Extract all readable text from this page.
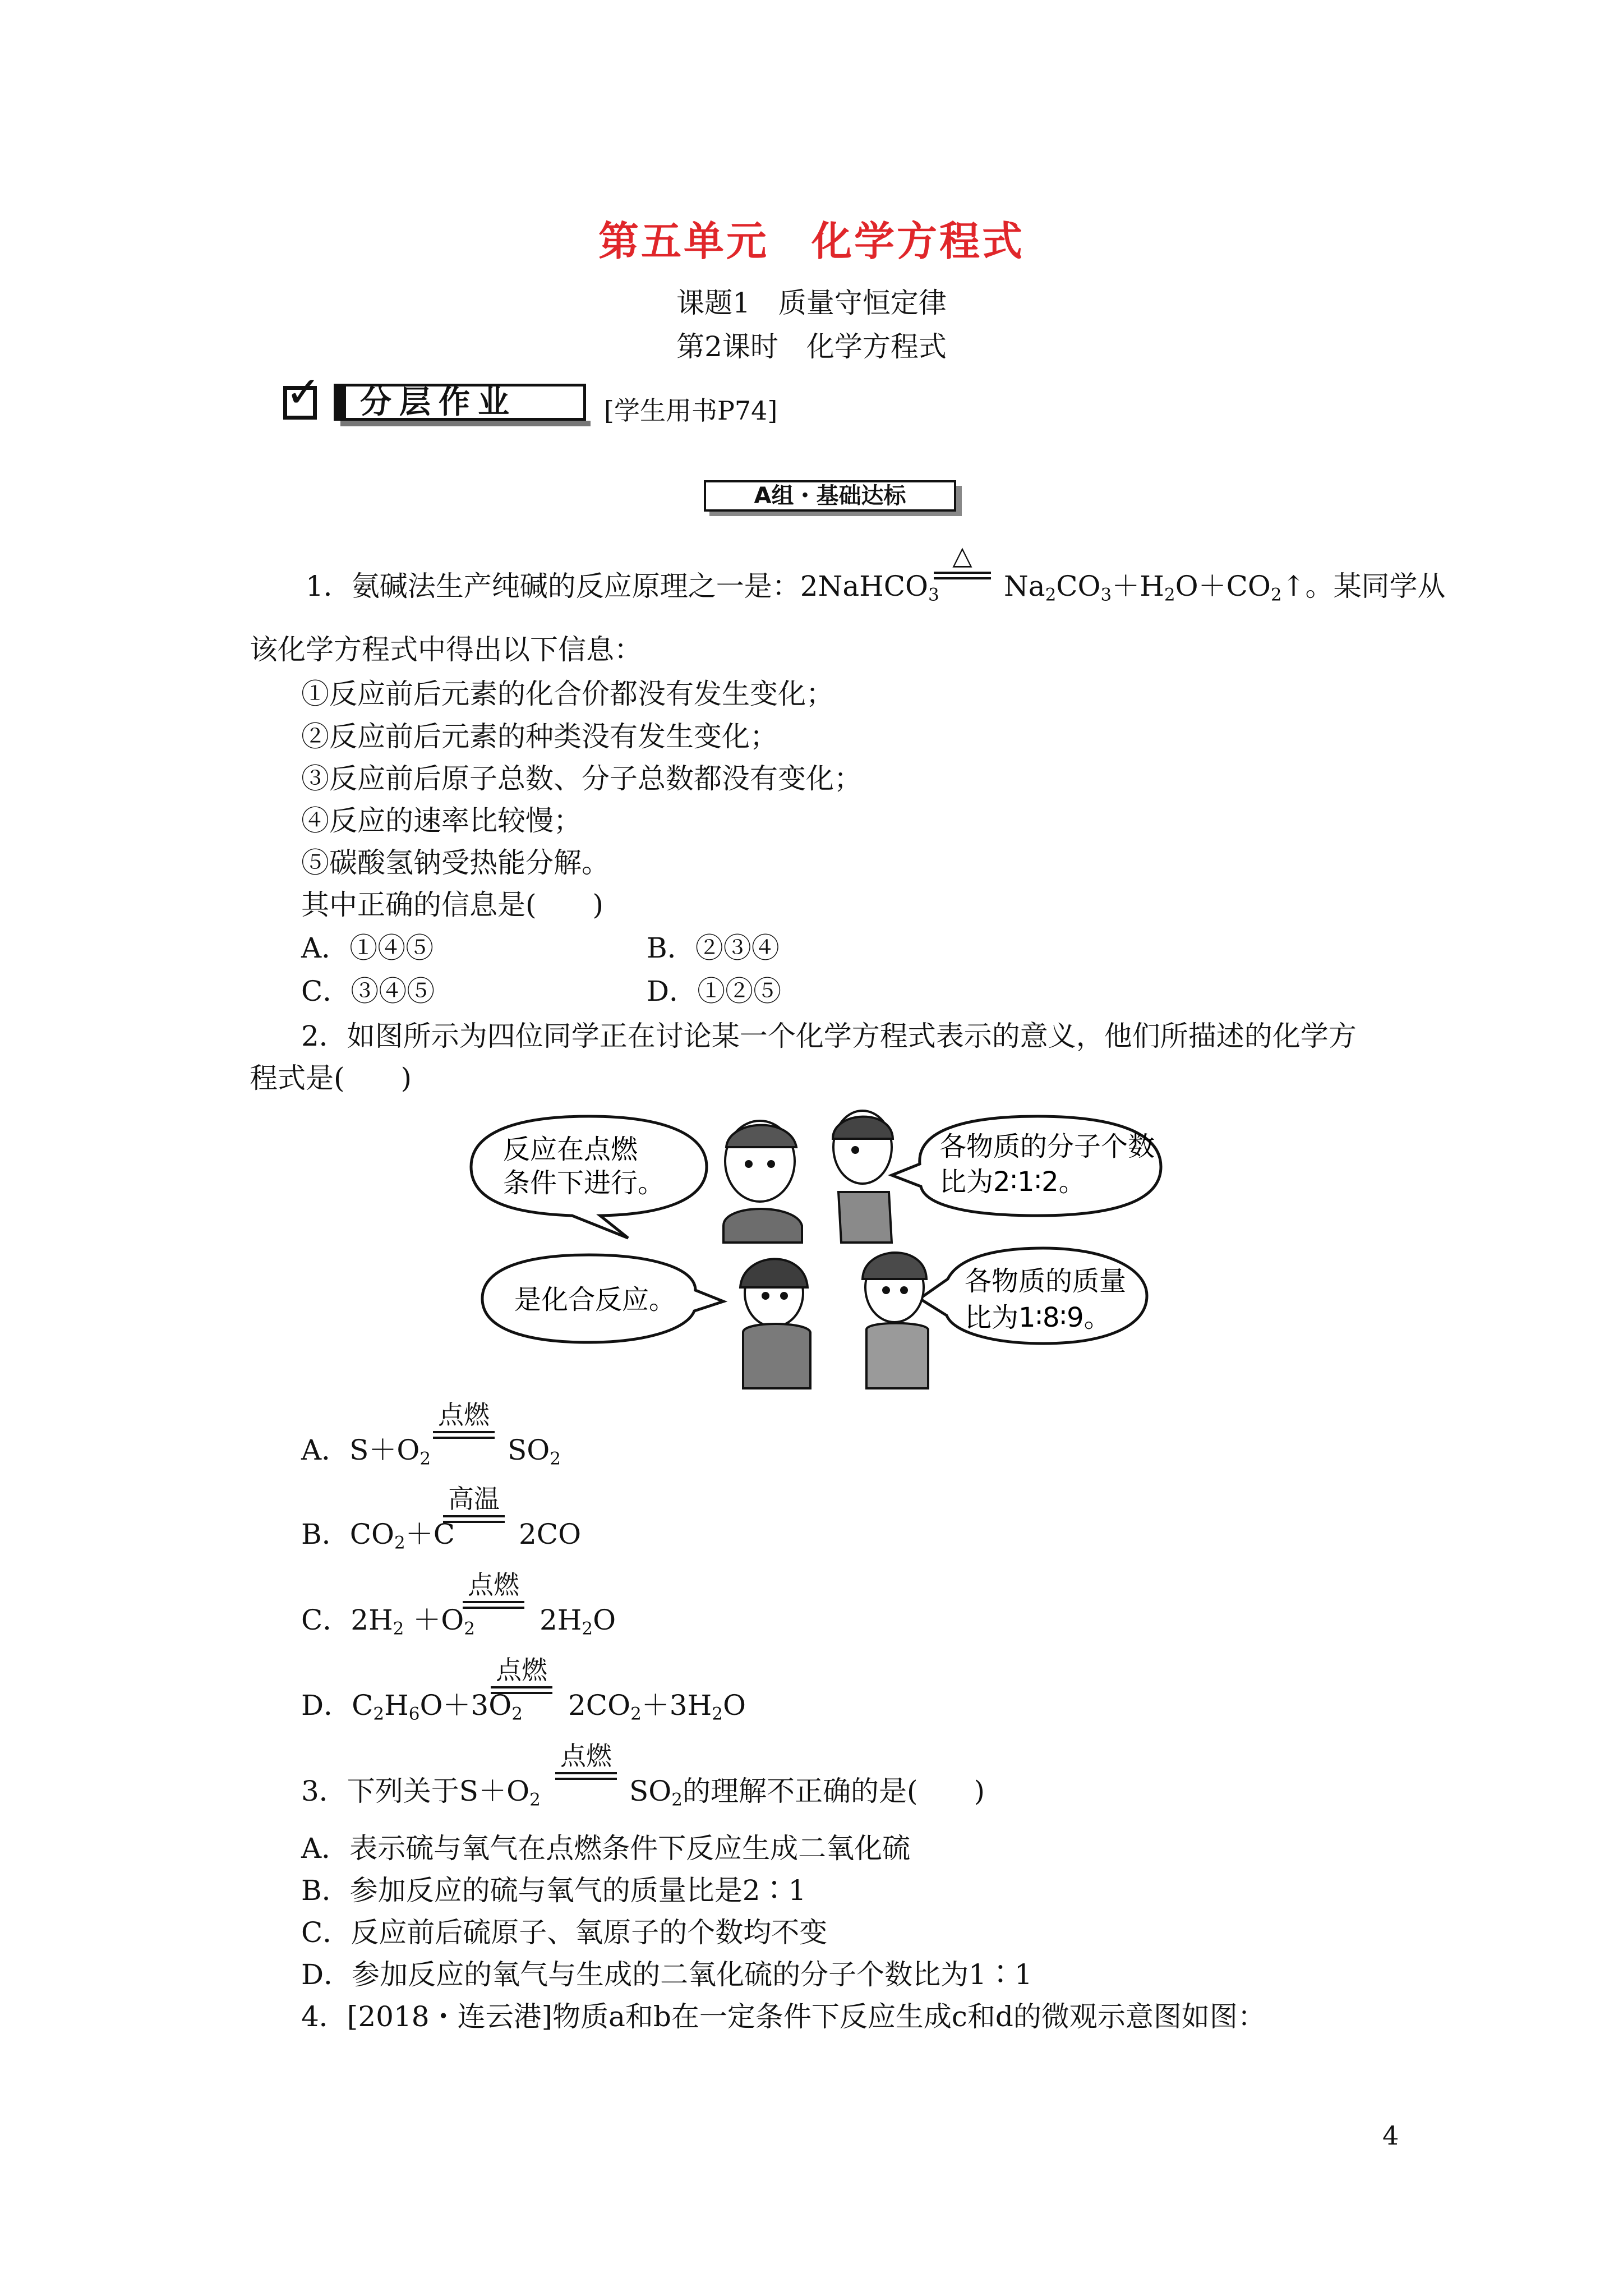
第五单元　化学方程式
课题1　质量守恒定律
第2课时　化学方程式
✓ 分层作业	[学生用书P74]
A组・基础达标
1．氨碱法生产纯碱的反应原理之一是：2NaHCO$_3$
△
$Na_2CO_3+H_2O+CO_2↑$。某同学从
该化学方程式中得出以下信息：
①反应前后元素的化合价都没有发生变化；
②反应前后元素的种类没有发生变化；
③反应前后原子总数、分子总数都没有变化；
④反应的速率比较慢；
⑤碳酸氢钠受热能分解。
其中正确的信息是(　　)
A．①④⑤	B．②③④
C．③④⑤	D．①②⑤
2．如图所示为四位同学正在讨论某一个化学方程式表示的意义，他们所描述的化学方
程式是(　　)
反应在点燃
条件下进行。
各物质的分子个数
比为2∶1∶2。
是化合反应。
各物质的质量
比为1∶8∶9。
A．$S+O_2$
点燃
$SO_2$
B．$CO_2+C$
高温
2CO
C．$2H_2 +O_2$
点燃
$2H_2O$
D．$C_2H_6O+3O_2$
点燃
$2CO_2+3H_2O$
3．下列关于$S+O_2$
点燃
$SO_2$的理解不正确的是(　　)
A．表示硫与氧气在点燃条件下反应生成二氧化硫
B．参加反应的硫与氧气的质量比是2∶1
C．反应前后硫原子、氧原子的个数均不变
D．参加反应的氧气与生成的二氧化硫的分子个数比为1∶1
4．[2018・连云港]物质a和b在一定条件下反应生成c和d的微观示意图如图：
4
